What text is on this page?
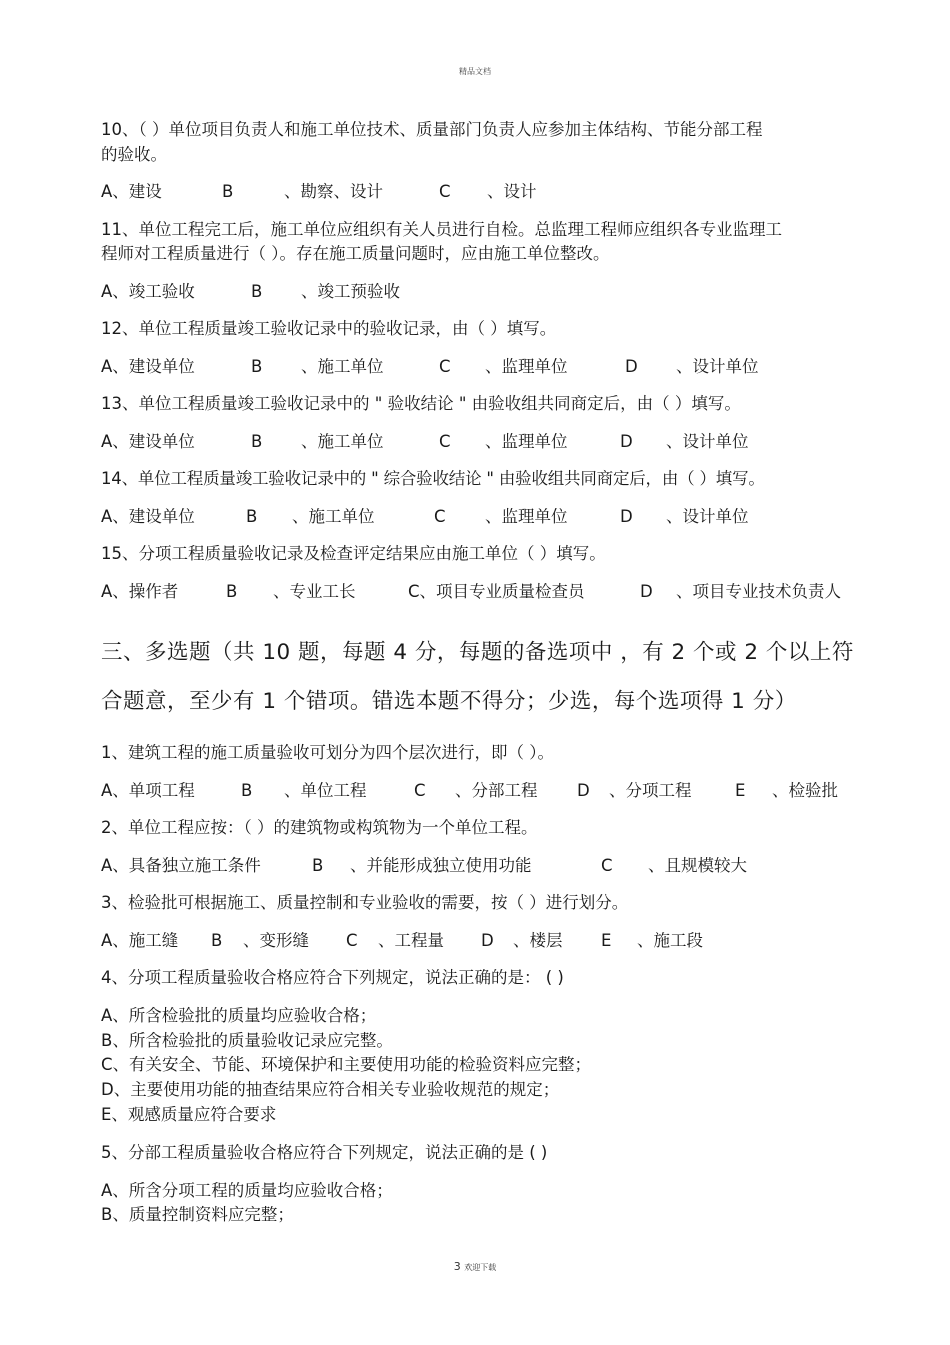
精品文档
10、（ ）单位项目负责人和施工单位技术、质量部门负责人应参加主体结构、节能分部工程
的验收。
A、建设	B	、勘察、设计	C 、设计
11、单位工程完工后，施工单位应组织有关人员进行自检。总监理工程师应组织各专业监理工
程师对工程质量进行（ ）。存在施工质量问题时，应由施工单位整改。
A、竣工验收	B 、竣工预验收
12、单位工程质量竣工验收记录中的验收记录，由（ ）填写。
A、建设单位	B 、施工单位	C 、监理单位	D 、设计单位
13、单位工程质量竣工验收记录中的 " 验收结论 " 由验收组共同商定后，由（ ）填写。
A、建设单位	B 、施工单位	C 、监理单位	D 、设计单位
14、单位工程质量竣工验收记录中的 " 综合验收结论 " 由验收组共同商定后，由（ ）填写。
A、建设单位	B 、施工单位	C 、监理单位	D 、设计单位
15、分项工程质量验收记录及检查评定结果应由施工单位（ ）填写。
A、操作者	B 、专业工长	C、项目专业质量检查员	D 、项目专业技术负责人
三、多选题（共 10 题，每题 4 分，每题的备选项中 ，有 2 个或 2 个以上符
合题意，至少有 1 个错项。错选本题不得分；少选，每个选项得 1 分）
1、建筑工程的施工质量验收可划分为四个层次进行，即（ ）。
A、单项工程	B 、单位工程	C 、分部工程 D 、分项工程	E 、检验批
2、单位工程应按：（ ）的建筑物或构筑物为一个单位工程。
A、具备独立施工条件	B 、并能形成独立使用功能	C 、且规模较大
3、检验批可根据施工、质量控制和专业验收的需要，按（ ）进行划分。
A、施工缝 B 、变形缝 C 、工程量 D 、楼层 E 、施工段
4、分项工程质量验收合格应符合下列规定，说法正确的是： ( )
A、所含检验批的质量均应验收合格；
B、所含检验批的质量验收记录应完整。
C、有关安全、节能、环境保护和主要使用功能的检验资料应完整；
D、主要使用功能的抽查结果应符合相关专业验收规范的规定；
E、观感质量应符合要求
5、分部工程质量验收合格应符合下列规定，说法正确的是 ( )
A、所含分项工程的质量均应验收合格；
B、质量控制资料应完整；
3 欢迎下载
